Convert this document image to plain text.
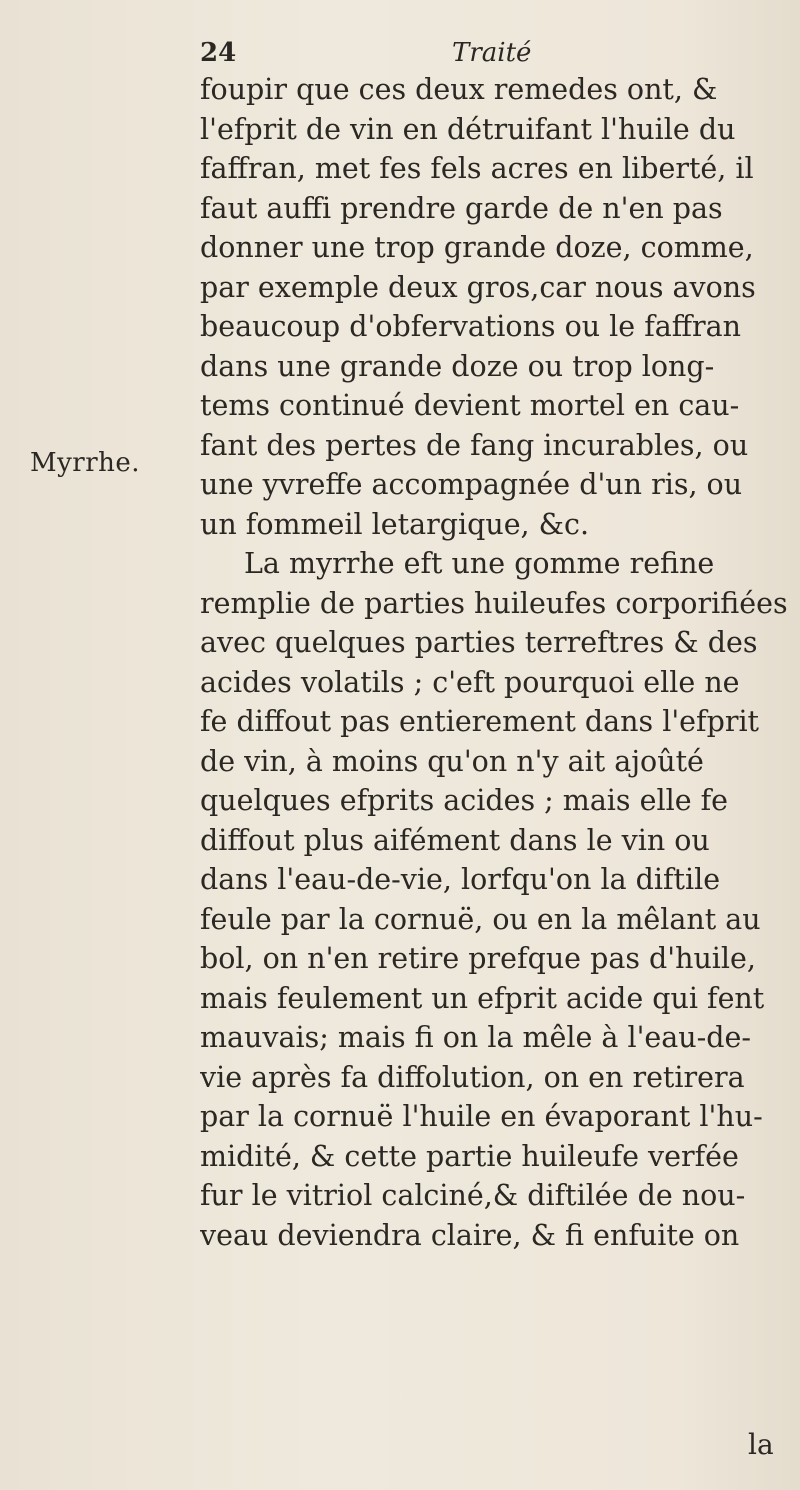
24	Traité
Myrrhe.
foupir que ces deux remedes ont, &
l'efprit de vin en détruifant l'huile du
faffran, met fes fels acres en liberté, il
faut auffi prendre garde de n'en pas
donner une trop grande doze, comme,
par exemple deux gros,car nous avons
beaucoup d'obfervations ou le faffran
dans une grande doze ou trop long-
tems continué devient mortel en cau-
fant des pertes de fang incurables, ou
une yvreffe accompagnée d'un ris, ou
un fommeil letargique, &c.
La myrrhe eft une gomme refine
remplie de parties huileufes corporifiées
avec quelques parties terreftres & des
acides volatils ; c'eft pourquoi elle ne
fe diffout pas entierement dans l'efprit
de vin, à moins qu'on n'y ait ajoûté
quelques efprits acides ; mais elle fe
diffout plus aifément dans le vin ou
dans l'eau-de-vie, lorfqu'on la diftile
feule par la cornuë, ou en la mêlant au
bol, on n'en retire prefque pas d'huile,
mais feulement un efprit acide qui fent
mauvais; mais fi on la mêle à l'eau-de-
vie après fa diffolution, on en retirera
par la cornuë l'huile en évaporant l'hu-
midité, & cette partie huileufe verfée
fur le vitriol calciné,& diftilée de nou-
veau deviendra claire, & fi enfuite on
la
